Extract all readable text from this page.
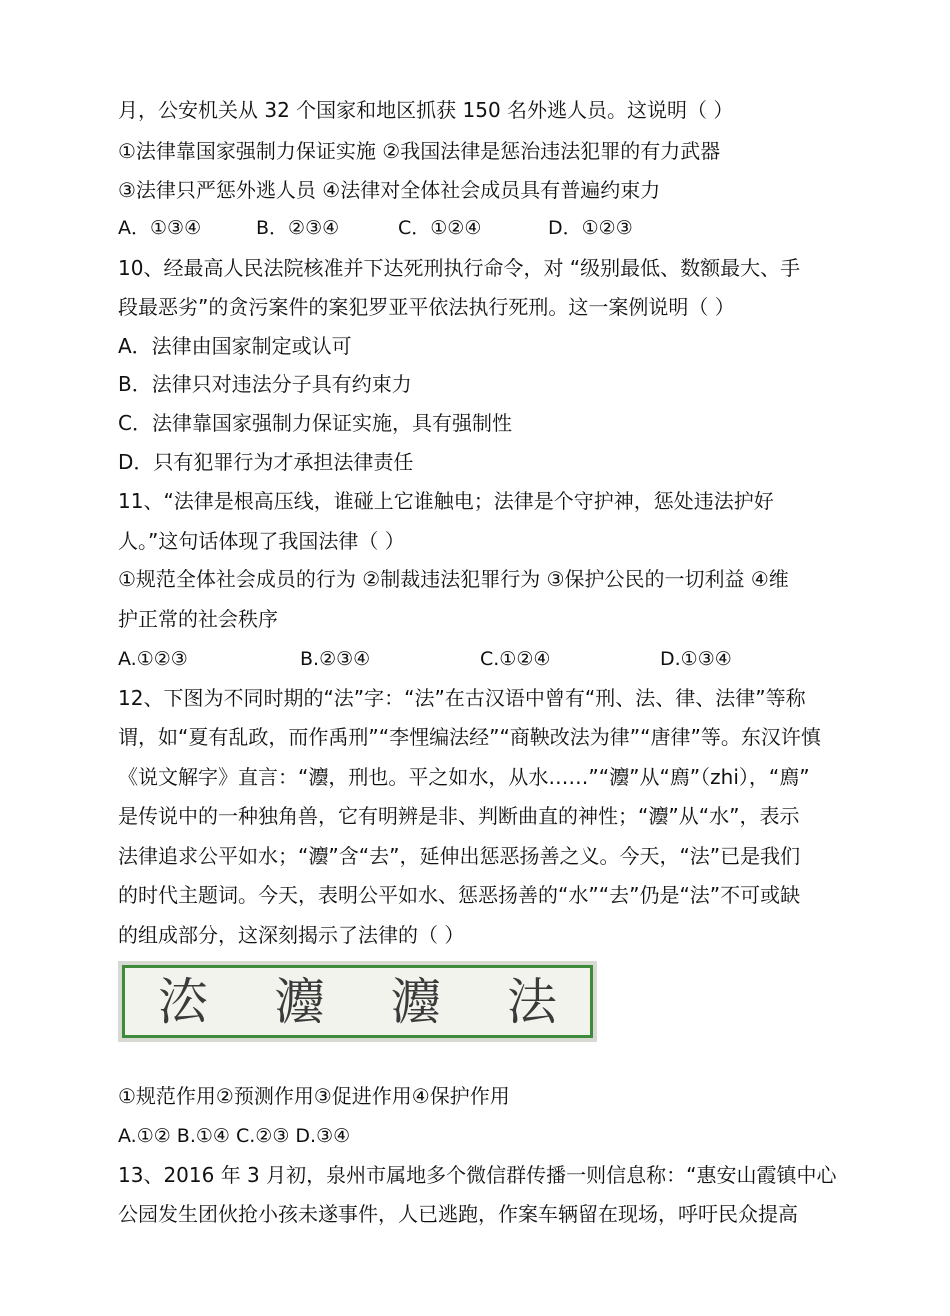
月，公安机关从 32 个国家和地区抓获 150 名外逃人员。这说明（ ）
①法律靠国家强制力保证实施 ②我国法律是惩治违法犯罪的有力武器
③法律只严惩外逃人员 ④法律对全体社会成员具有普遍约束力
A．①③④	B．②③④	C．①②④	D．①②③
10、经最高人民法院核准并下达死刑执行命令，对 “级别最低、数额最大、手
段最恶劣”的贪污案件的案犯罗亚平依法执行死刑。这一案例说明（ ）
A．法律由国家制定或认可
B．法律只对违法分子具有约束力
C．法律靠国家强制力保证实施，具有强制性
D．只有犯罪行为才承担法律责任
11、“法律是根高压线，谁碰上它谁触电；法律是个守护神，惩处违法护好
人。”这句话体现了我国法律（ ）
①规范全体社会成员的行为 ②制裁违法犯罪行为 ③保护公民的一切利益 ④维
护正常的社会秩序
A.①②③	B.②③④	C.①②④	D.①③④
12、下图为不同时期的“法”字：“法”在古汉语中曾有“刑、法、律、法律”等称
谓，如“夏有乱政，而作禹刑”“李悝编法经”“商鞅改法为律”“唐律”等。东汉许慎
《说文解字》直言：“灋，刑也。平之如水，从水……”“灋”从“廌”（zhi），“廌”
是传说中的一种独角兽，它有明辨是非、判断曲直的神性；“灋”从“水”，表示
法律追求公平如水；“灋”含“去”，延伸出惩恶扬善之义。今天，“法”已是我们
的时代主题词。今天，表明公平如水、惩恶扬善的“水”“去”仍是“法”不可或缺
的组成部分，这深刻揭示了法律的（ ）
㳒 灋 灋 法
①规范作用②预测作用③促进作用④保护作用
A.①② B.①④ C.②③ D.③④
13、2016 年 3 月初，泉州市属地多个微信群传播一则信息称：“惠安山霞镇中心
公园发生团伙抢小孩未遂事件，人已逃跑，作案车辆留在现场，呼吁民众提高
